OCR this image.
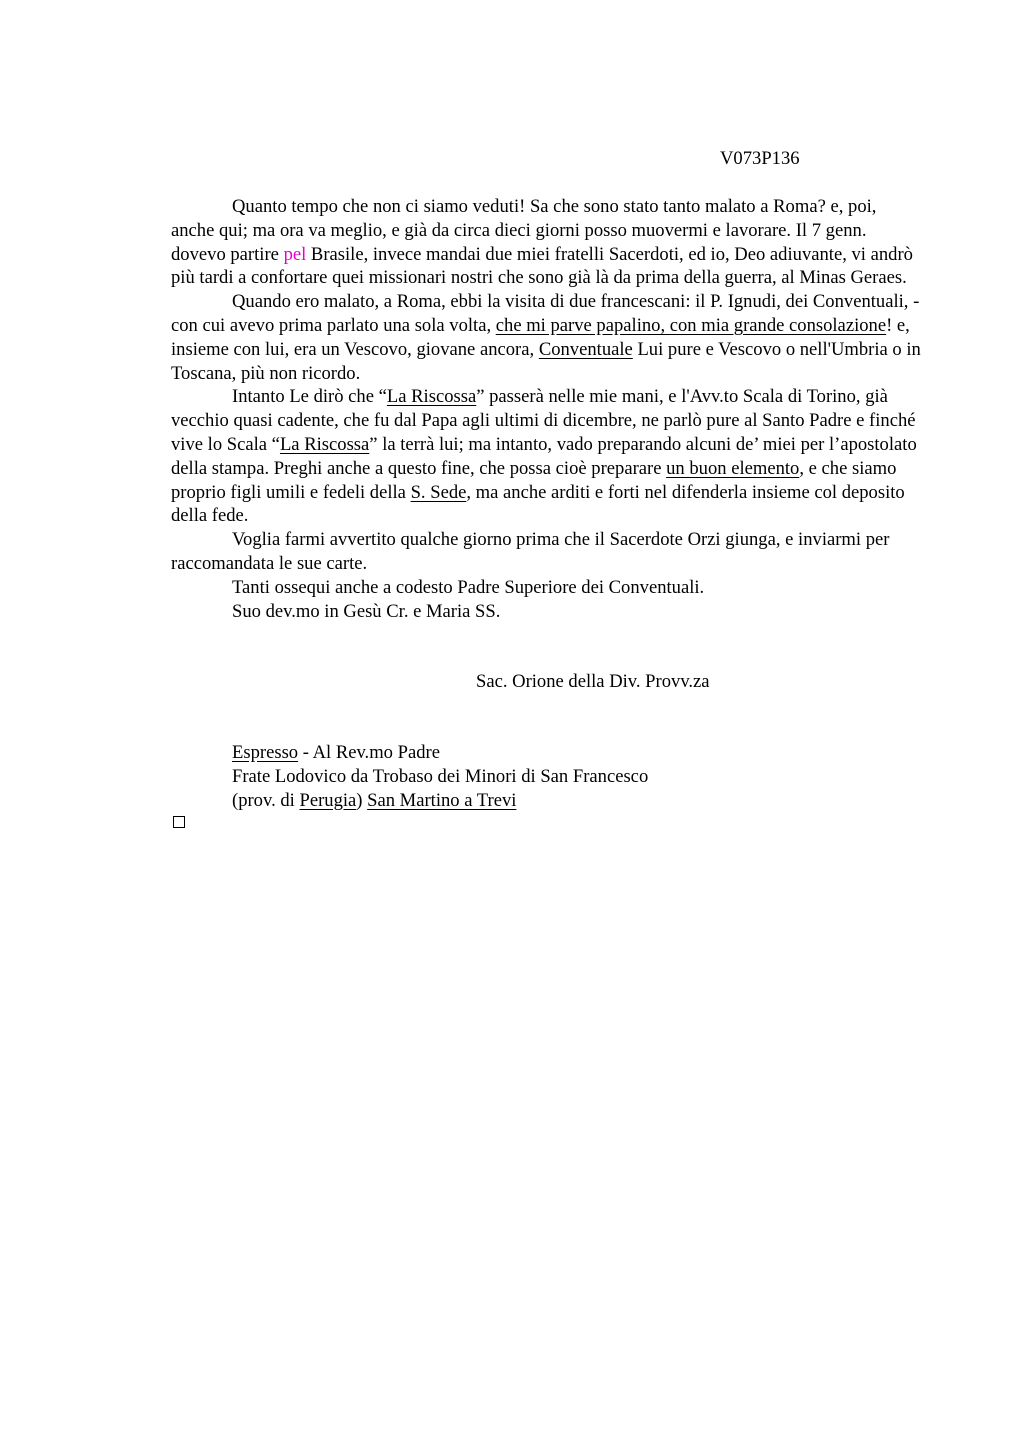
V073P136

Quanto tempo che non ci siamo veduti! Sa che sono stato tanto malato a Roma? e, poi, anche qui; ma ora va meglio, e già da circa dieci giorni posso muovermi e lavorare. Il 7 genn. dovevo partire pel Brasile, invece mandai due miei fratelli Sacerdoti, ed io, Deo adiuvante, vi andrò più tardi a confortare quei missionari nostri che sono già là da prima della guerra, al Minas Geraes.

Quando ero malato, a Roma, ebbi la visita di due francescani: il P. Ignudi, dei Conventuali, - con cui avevo prima parlato una sola volta, che mi parve papalino, con mia grande consolazione! e, insieme con lui, era un Vescovo, giovane ancora, Conventuale Lui pure e Vescovo o nell'Umbria o in Toscana, più non ricordo.

Intanto Le dirò che “La Riscossa” passerà nelle mie mani, e l'Avv.to Scala di Torino, già vecchio quasi cadente, che fu dal Papa agli ultimi di dicembre, ne parlò pure al Santo Padre e finché vive lo Scala “La Riscossa” la terrà lui; ma intanto, vado preparando alcuni de’ miei per l’apostolato della stampa. Preghi anche a questo fine, che possa cioè preparare un buon elemento, e che siamo proprio figli umili e fedeli della S. Sede, ma anche arditi e forti nel difenderla insieme col deposito della fede.

Voglia farmi avvertito qualche giorno prima che il Sacerdote Orzi giunga, e inviarmi per raccomandata le sue carte.

Tanti ossequi anche a codesto Padre Superiore dei Conventuali.

Suo dev.mo in Gesù Cr. e Maria SS.

Sac. Orione della Div. Provv.za
Espresso - Al Rev.mo Padre
Frate Lodovico da Trobaso dei Minori di San Francesco
(prov. di Perugia) San Martino a Trevi
